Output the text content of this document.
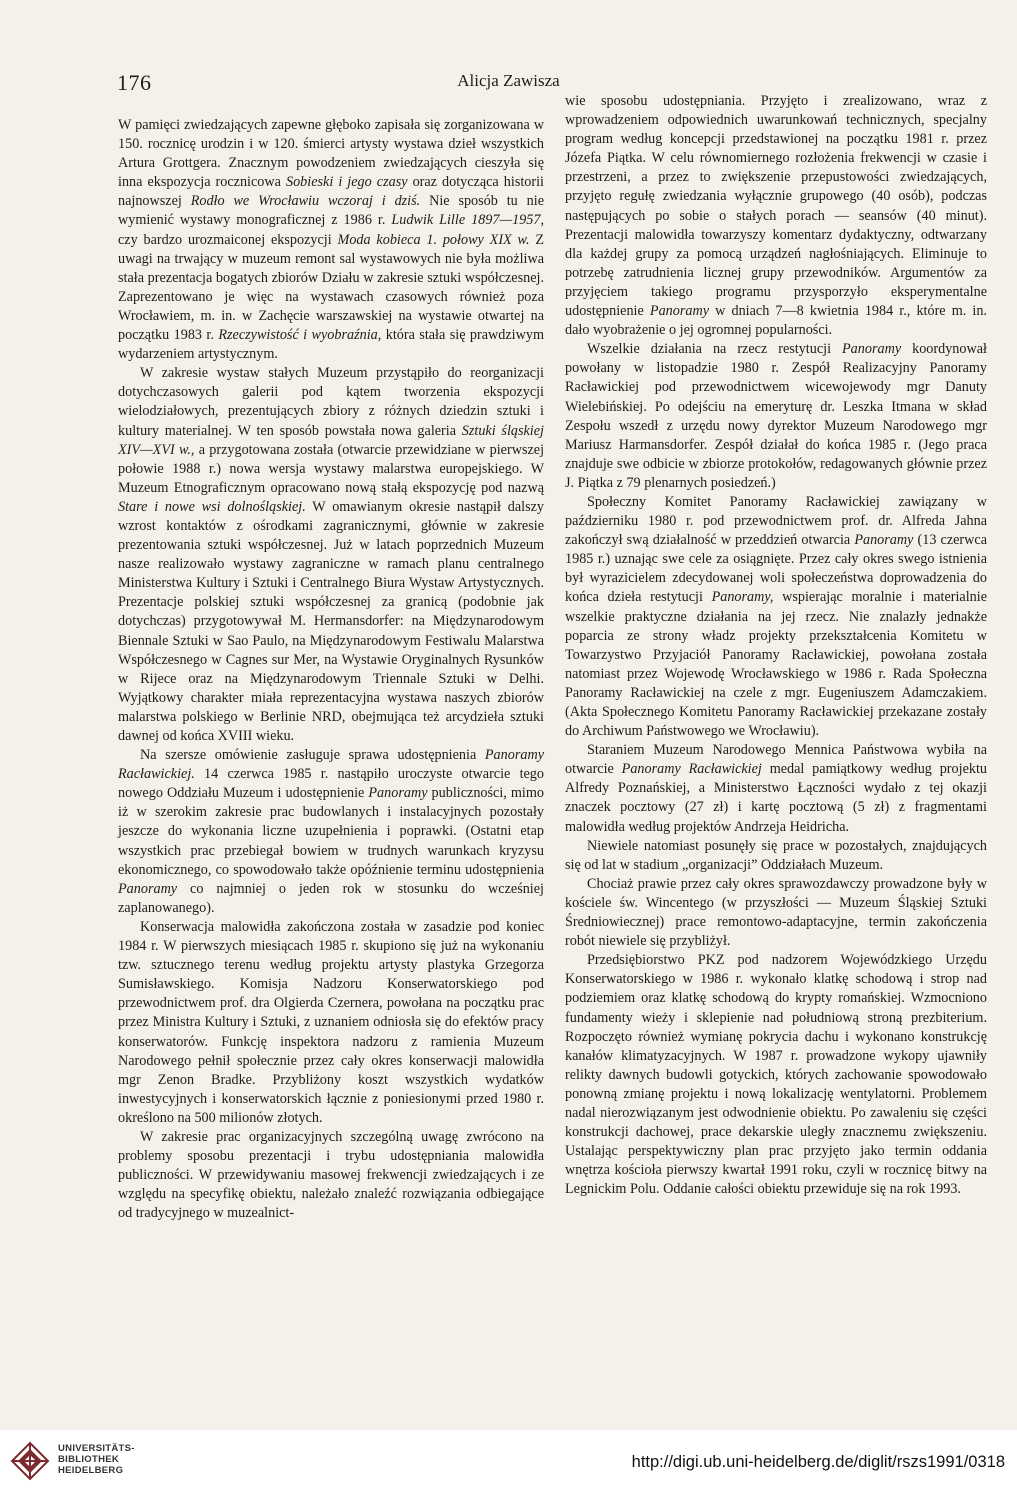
176	Alicja Zawisza

W pamięci zwiedzających zapewne głęboko zapisała się zorganizowana w 150. rocznicę urodzin i w 120. śmierci artysty wystawa dzieł wszystkich Artura Grottgera. Znacznym powodzeniem zwiedzających cieszyła się inna ekspozycja rocznicowa Sobieski i jego czasy oraz dotycząca historii najnowszej Rodło we Wrocławiu wczoraj i dziś. Nie sposób tu nie wymienić wystawy monograficznej z 1986 r. Ludwik Lille 1897—1957, czy bardzo urozmaiconej ekspozycji Moda kobieca 1. połowy XIX w. Z uwagi na trwający w muzeum remont sal wystawowych nie była możliwa stała prezentacja bogatych zbiorów Działu w zakresie sztuki współczesnej. Zaprezentowano je więc na wystawach czasowych również poza Wrocławiem, m. in. w Zachęcie warszawskiej na wystawie otwartej na początku 1983 r. Rzeczywistość i wyobraźnia, która stała się prawdziwym wydarzeniem artystycznym.

W zakresie wystaw stałych Muzeum przystąpiło do reorganizacji dotychczasowych galerii pod kątem tworzenia ekspozycji wielodziałowych, prezentujących zbiory z różnych dziedzin sztuki i kultury materialnej. W ten sposób powstała nowa galeria Sztuki śląskiej XIV—XVI w., a przygotowana została (otwarcie przewidziane w pierwszej połowie 1988 r.) nowa wersja wystawy malarstwa europejskiego. W Muzeum Etnograficznym opracowano nową stałą ekspozycję pod nazwą Stare i nowe wsi dolnośląskiej. W omawianym okresie nastąpił dalszy wzrost kontaktów z ośrodkami zagranicznymi, głównie w zakresie prezentowania sztuki współczesnej. Już w latach poprzednich Muzeum nasze realizowało wystawy zagraniczne w ramach planu centralnego Ministerstwa Kultury i Sztuki i Centralnego Biura Wystaw Artystycznych. Prezentacje polskiej sztuki współczesnej za granicą (podobnie jak dotychczas) przygotowywał M. Hermansdorfer: na Międzynarodowym Biennale Sztuki w Sao Paulo, na Międzynarodowym Festiwalu Malarstwa Współczesnego w Cagnes sur Mer, na Wystawie Oryginalnych Rysunków w Rijece oraz na Międzynarodowym Triennale Sztuki w Delhi. Wyjątkowy charakter miała reprezentacyjna wystawa naszych zbiorów malarstwa polskiego w Berlinie NRD, obejmująca też arcydzieła sztuki dawnej od końca XVIII wieku.

Na szersze omówienie zasługuje sprawa udostępnienia Panoramy Racławickiej. 14 czerwca 1985 r. nastąpiło uroczyste otwarcie tego nowego Oddziału Muzeum i udostępnienie Panoramy publiczności, mimo iż w szerokim zakresie prac budowlanych i instalacyjnych pozostały jeszcze do wykonania liczne uzupełnienia i poprawki. (Ostatni etap wszystkich prac przebiegał bowiem w trudnych warunkach kryzysu ekonomicznego, co spowodowało także opóźnienie terminu udostępnienia Panoramy co najmniej o jeden rok w stosunku do wcześniej zaplanowanego).

Konserwacja malowidła zakończona została w zasadzie pod koniec 1984 r. W pierwszych miesiącach 1985 r. skupiono się już na wykonaniu tzw. sztucznego terenu według projektu artysty plastyka Grzegorza Sumisławskiego. Komisja Nadzoru Konserwatorskiego pod przewodnictwem prof. dra Olgierda Czernera, powołana na początku prac przez Ministra Kultury i Sztuki, z uznaniem odniosła się do efektów pracy konserwatorów. Funkcję inspektora nadzoru z ramienia Muzeum Narodowego pełnił społecznie przez cały okres konserwacji malowidła mgr Zenon Bradke. Przybliżony koszt wszystkich wydatków inwestycyjnych i konserwatorskich łącznie z poniesionymi przed 1980 r. określono na 500 milionów złotych.

W zakresie prac organizacyjnych szczególną uwagę zwrócono na problemy sposobu prezentacji i trybu udostępniania malowidła publiczności. W przewidywaniu masowej frekwencji zwiedzających i ze względu na specyfikę obiektu, należało znaleźć rozwiązania odbiegające od tradycyjnego w muzealnict-

wie sposobu udostępniania. Przyjęto i zrealizowano, wraz z wprowadzeniem odpowiednich uwarunkowań technicznych, specjalny program według koncepcji przedstawionej na początku 1981 r. przez Józefa Piątka. W celu równomiernego rozłożenia frekwencji w czasie i przestrzeni, a przez to zwiększenie przepustowości zwiedzających, przyjęto regułę zwiedzania wyłącznie grupowego (40 osób), podczas następujących po sobie o stałych porach — seansów (40 minut). Prezentacji malowidła towarzyszy komentarz dydaktyczny, odtwarzany dla każdej grupy za pomocą urządzeń nagłośniających. Eliminuje to potrzebę zatrudnienia licznej grupy przewodników. Argumentów za przyjęciem takiego programu przysporzyło eksperymentalne udostępnienie Panoramy w dniach 7—8 kwietnia 1984 r., które m. in. dało wyobrażenie o jej ogromnej popularności.

Wszelkie działania na rzecz restytucji Panoramy koordynował powołany w listopadzie 1980 r. Zespół Realizacyjny Panoramy Racławickiej pod przewodnictwem wicewojewody mgr Danuty Wielebińskiej. Po odejściu na emeryturę dr. Leszka Itmana w skład Zespołu wszedł z urzędu nowy dyrektor Muzeum Narodowego mgr Mariusz Harmansdorfer. Zespół działał do końca 1985 r. (Jego praca znajduje swe odbicie w zbiorze protokołów, redagowanych głównie przez J. Piątka z 79 plenarnych posiedzeń.)

Społeczny Komitet Panoramy Racławickiej zawiązany w październiku 1980 r. pod przewodnictwem prof. dr. Alfreda Jahna zakończył swą działalność w przeddzień otwarcia Panoramy (13 czerwca 1985 r.) uznając swe cele za osiągnięte. Przez cały okres swego istnienia był wyrazicielem zdecydowanej woli społeczeństwa doprowadzenia do końca dzieła restytucji Panoramy, wspierając moralnie i materialnie wszelkie praktyczne działania na jej rzecz. Nie znalazły jednakże poparcia ze strony władz projekty przekształcenia Komitetu w Towarzystwo Przyjaciół Panoramy Racławickiej, powołana została natomiast przez Wojewodę Wrocławskiego w 1986 r. Rada Społeczna Panoramy Racławickiej na czele z mgr. Eugeniuszem Adamczakiem. (Akta Społecznego Komitetu Panoramy Racławickiej przekazane zostały do Archiwum Państwowego we Wrocławiu).

Staraniem Muzeum Narodowego Mennica Państwowa wybiła na otwarcie Panoramy Racławickiej medal pamiątkowy według projektu Alfredy Poznańskiej, a Ministerstwo Łączności wydało z tej okazji znaczek pocztowy (27 zł) i kartę pocztową (5 zł) z fragmentami malowidła według projektów Andrzeja Heidricha.

Niewiele natomiast posunęły się prace w pozostałych, znajdujących się od lat w stadium „organizacji” Oddziałach Muzeum.

Chociaż prawie przez cały okres sprawozdawczy prowadzone były w kościele św. Wincentego (w przyszłości — Muzeum Śląskiej Sztuki Średniowiecznej) prace remontowo-adaptacyjne, termin zakończenia robót niewiele się przybliżył.

Przedsiębiorstwo PKZ pod nadzorem Wojewódzkiego Urzędu Konserwatorskiego w 1986 r. wykonało klatkę schodową i strop nad podziemiem oraz klatkę schodową do krypty romańskiej. Wzmocniono fundamenty wieży i sklepienie nad południową stroną prezbiterium. Rozpoczęto również wymianę pokrycia dachu i wykonano konstrukcję kanałów klimatyzacyjnych. W 1987 r. prowadzone wykopy ujawniły relikty dawnych budowli gotyckich, których zachowanie spowodowało ponowną zmianę projektu i nową lokalizację wentylatorni. Problemem nadal nierozwiązanym jest odwodnienie obiektu. Po zawaleniu się części konstrukcji dachowej, prace dekarskie uległy znacznemu zwiększeniu. Ustalając perspektywiczny plan prac przyjęto jako termin oddania wnętrza kościoła pierwszy kwartał 1991 roku, czyli w rocznicę bitwy na Legnickim Polu. Oddanie całości obiektu przewiduje się na rok 1993.

UNIVERSITÄTS-
BIBLIOTHEK
HEIDELBERG	http://digi.ub.uni-heidelberg.de/diglit/rszs1991/0318
